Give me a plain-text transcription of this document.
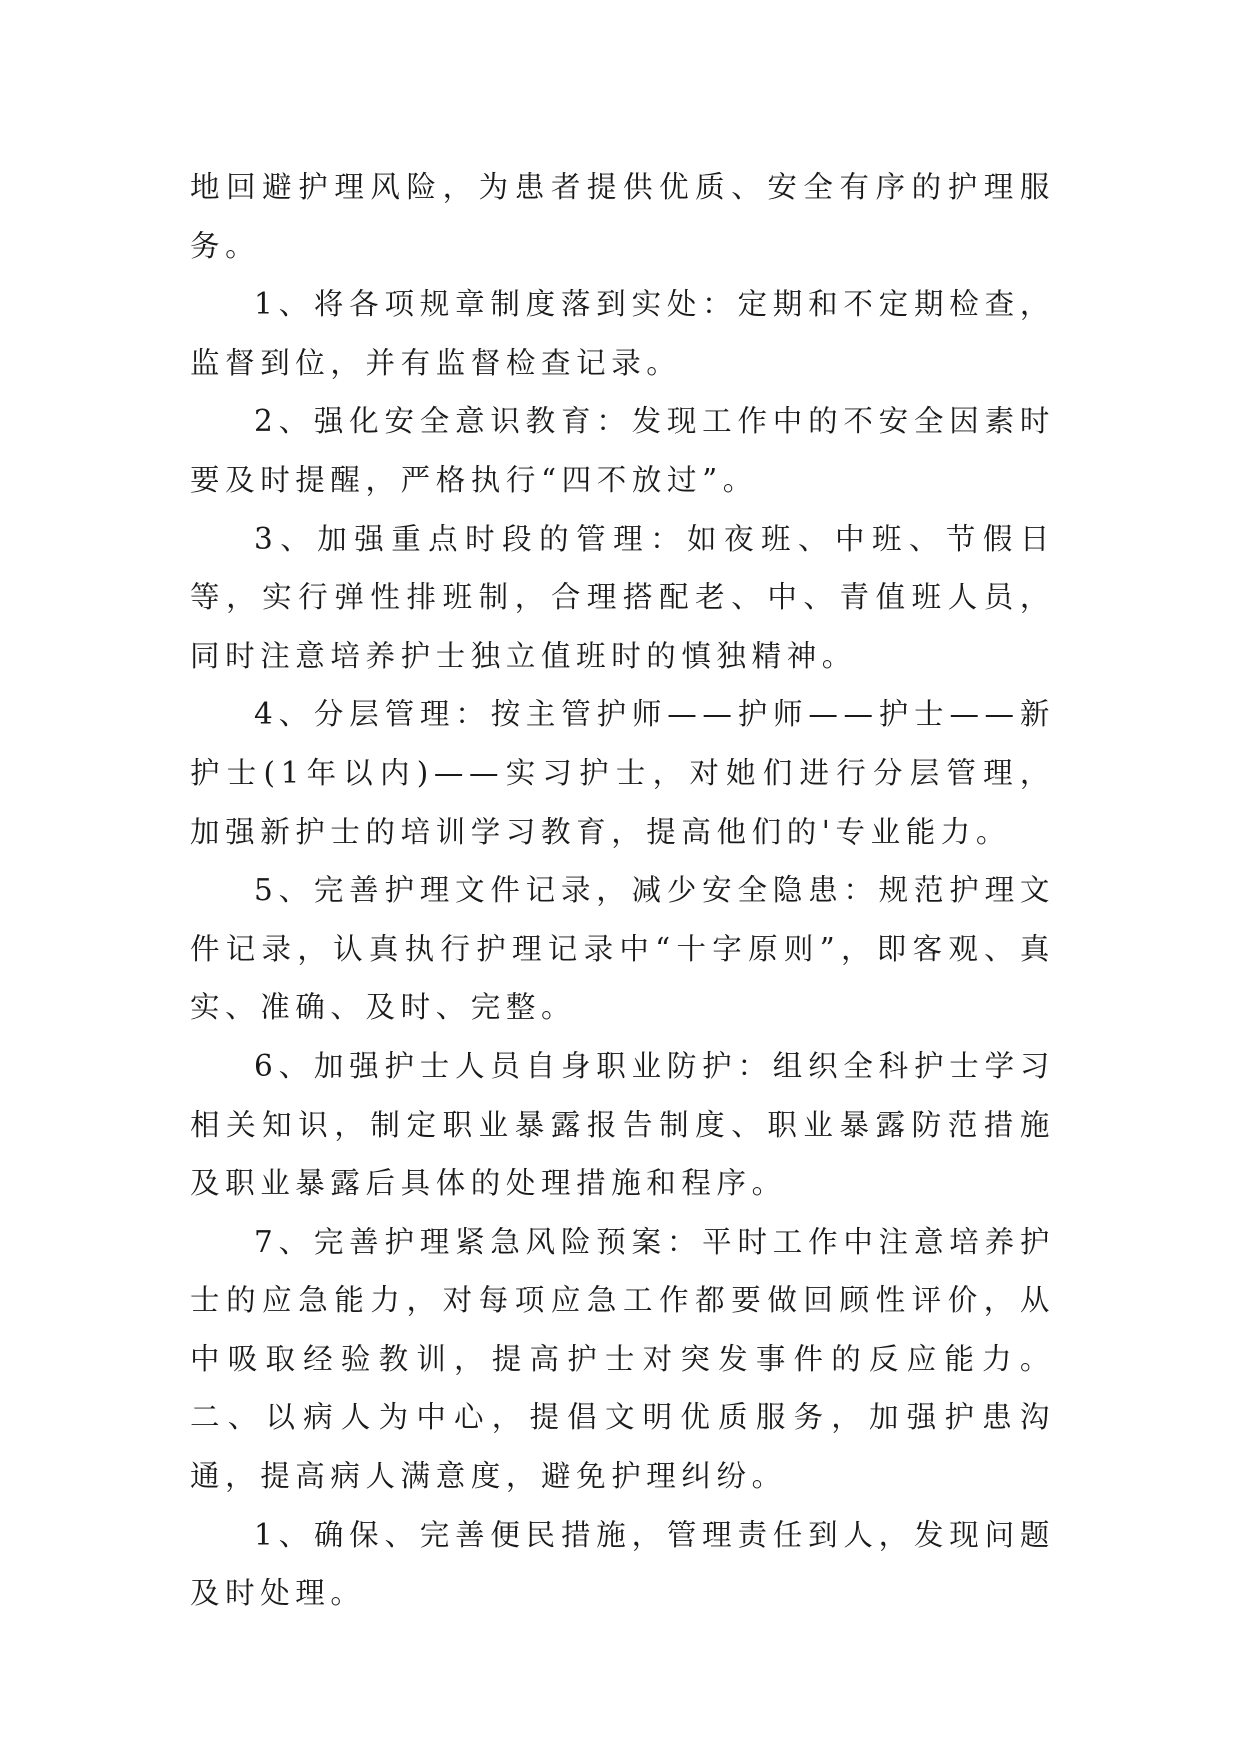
地回避护理风险，为患者提供优质、安全有序的护理服务。

1、将各项规章制度落到实处：定期和不定期检查，监督到位，并有监督检查记录。

2、强化安全意识教育：发现工作中的不安全因素时要及时提醒，严格执行“四不放过”。

3、加强重点时段的管理：如夜班、中班、节假日等，实行弹性排班制，合理搭配老、中、青值班人员，同时注意培养护士独立值班时的慎独精神。

4、分层管理：按主管护师——护师——护士——新护士(1年以内)——实习护士，对她们进行分层管理，加强新护士的培训学习教育，提高他们的'专业能力。

5、完善护理文件记录，减少安全隐患：规范护理文件记录，认真执行护理记录中“十字原则”，即客观、真实、准确、及时、完整。

6、加强护士人员自身职业防护：组织全科护士学习相关知识，制定职业暴露报告制度、职业暴露防范措施及职业暴露后具体的处理措施和程序。

7、完善护理紧急风险预案：平时工作中注意培养护士的应急能力，对每项应急工作都要做回顾性评价，从中吸取经验教训，提高护士对突发事件的反应能力。二、以病人为中心，提倡文明优质服务，加强护患沟通，提高病人满意度，避免护理纠纷。

1、确保、完善便民措施，管理责任到人，发现问题及时处理。
